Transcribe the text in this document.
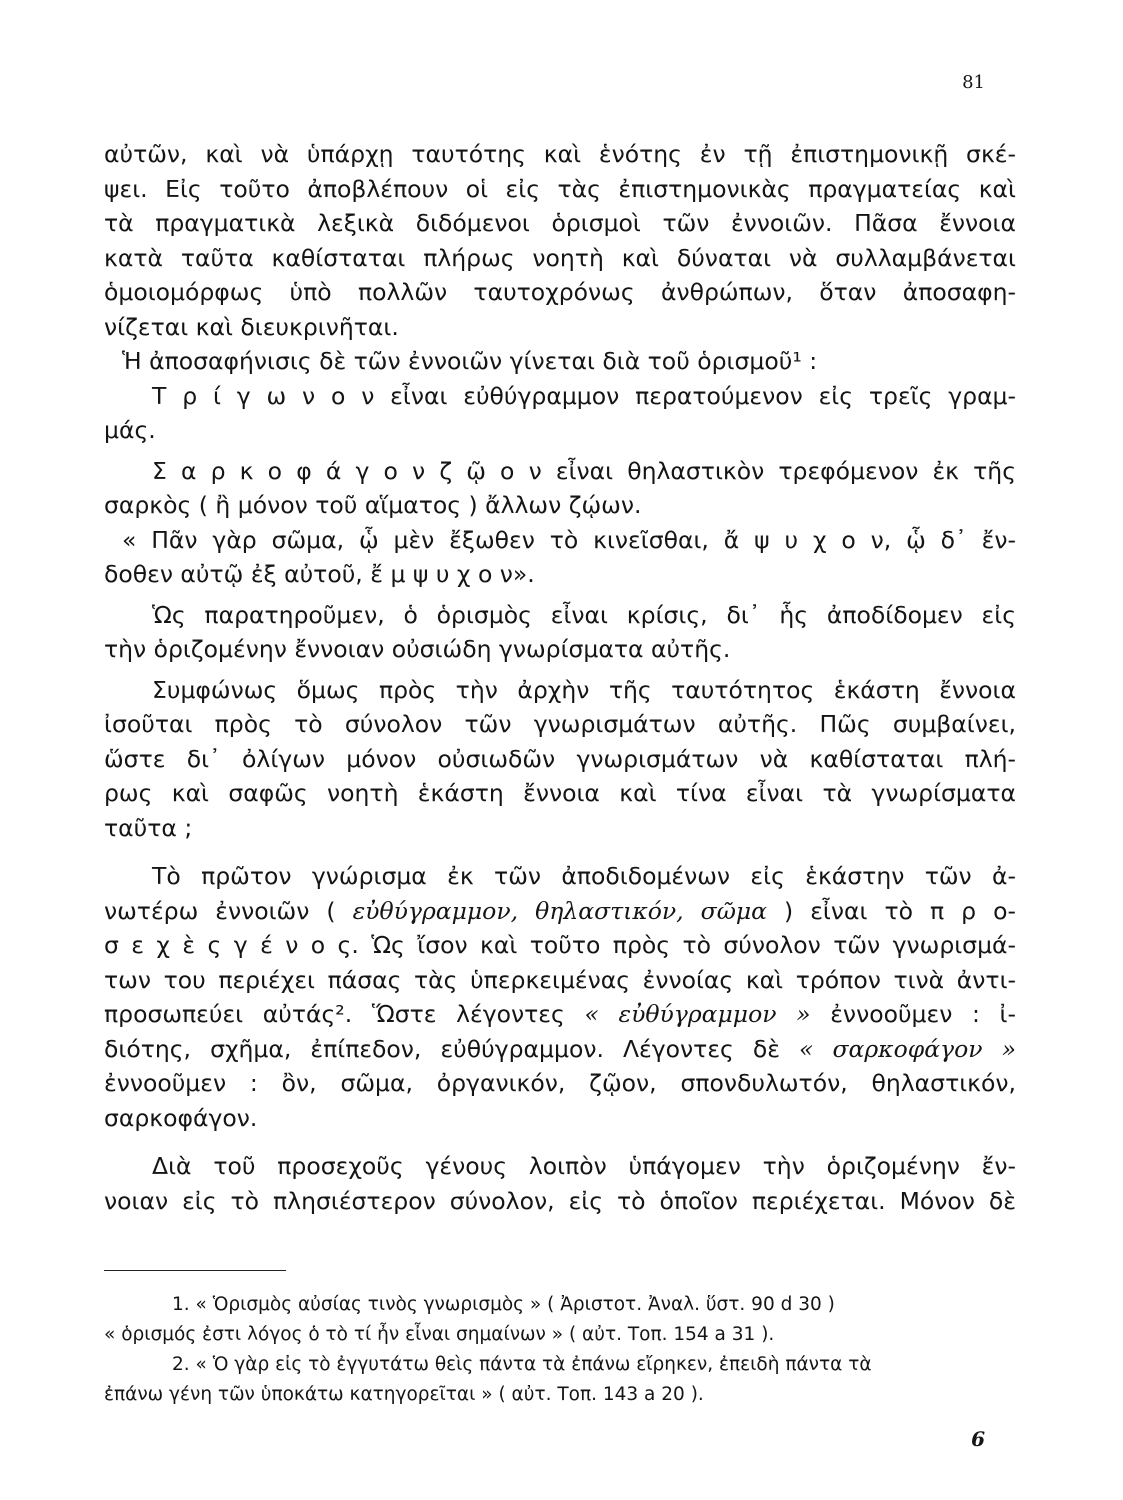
81
αὐτῶν, καὶ νὰ ὑπάρχῃ ταυτότης καὶ ἑνότης ἐν τῇ ἐπιστημονικῇ σκέ-
ψει. Εἰς τοῦτο ἀποβλέπουν οἱ εἰς τὰς ἐπιστημονικὰς πραγματείας καὶ
τὰ πραγματικὰ λεξικὰ διδόμενοι ὁρισμοὶ τῶν ἐννοιῶν. Πᾶσα ἔννοια
κατὰ ταῦτα καθίσταται πλήρως νοητὴ καὶ δύναται νὰ συλλαμβάνεται
ὁμοιομόρφως ὑπὸ πολλῶν ταυτοχρόνως ἀνθρώπων, ὅταν ἀποσαφη-
νίζεται καὶ διευκρινῆται.
Ἡ ἀποσαφήνισις δὲ τῶν ἐννοιῶν γίνεται διὰ τοῦ ὁρισμοῦ¹ :
Τ ρ ί γ ω ν ο ν εἶναι εὐθύγραμμον περατούμενον εἰς τρεῖς γραμ-
μάς.
Σ α ρ κ ο φ ά γ ο ν ζ ῷ ο ν εἶναι θηλαστικὸν τρεφόμενον ἐκ τῆς
σαρκὸς ( ἢ μόνον τοῦ αἵματος ) ἄλλων ζῴων.
« Πᾶν γὰρ σῶμα, ᾧ μὲν ἔξωθεν τὸ κινεῖσθαι, ἄ ψ υ χ ο ν, ᾧ δ᾿ ἔν-
δοθεν αὐτῷ ἐξ αὐτοῦ, ἔ μ ψ υ χ ο ν».
Ὡς παρατηροῦμεν, ὁ ὁρισμὸς εἶναι κρίσις, δι᾿ ἧς ἀποδίδομεν εἰς
τὴν ὁριζομένην ἔννοιαν οὐσιώδη γνωρίσματα αὐτῆς.
Συμφώνως ὅμως πρὸς τὴν ἀρχὴν τῆς ταυτότητος ἑκάστη ἔννοια
ἰσοῦται πρὸς τὸ σύνολον τῶν γνωρισμάτων αὐτῆς. Πῶς συμβαίνει,
ὥστε δι᾿ ὀλίγων μόνον οὐσιωδῶν γνωρισμάτων νὰ καθίσταται πλή-
ρως καὶ σαφῶς νοητὴ ἑκάστη ἔννοια καὶ τίνα εἶναι τὰ γνωρίσματα
ταῦτα ;
Τὸ πρῶτον γνώρισμα ἐκ τῶν ἀποδιδομένων εἰς ἑκάστην τῶν ἀ-
νωτέρω ἐννοιῶν ( εὐθύγραμμον, θηλαστικόν, σῶμα ) εἶναι τὸ π ρ ο-
σ ε χ ὲ ς γ έ ν ο ς. Ὡς ἴσον καὶ τοῦτο πρὸς τὸ σύνολον τῶν γνωρισμά-
των του περιέχει πάσας τὰς ὑπερκειμένας ἐννοίας καὶ τρόπον τινὰ ἀντι-
προσωπεύει αὐτάς². Ὥστε λέγοντες « εὐθύγραμμον » ἐννοοῦμεν : ἰ-
διότης, σχῆμα, ἐπίπεδον, εὐθύγραμμον. Λέγοντες δὲ « σαρκοφάγον »
ἐννοοῦμεν : ὂν, σῶμα, ὀργανικόν, ζῷον, σπονδυλωτόν, θηλαστικόν,
σαρκοφάγον.
Διὰ τοῦ προσεχοῦς γένους λοιπὸν ὑπάγομεν τὴν ὁριζομένην ἔν-
νοιαν εἰς τὸ πλησιέστερον σύνολον, εἰς τὸ ὁποῖον περιέχεται. Μόνον δὲ
1. « Ὁρισμὸς αὐσίας τινὸς γνωρισμὸς » ( Ἀριστοτ. Ἀναλ. ὕστ. 90 d 30 )
« ὁρισμός ἐστι λόγος ὁ τὸ τί ἦν εἶναι σημαίνων » ( αὐτ. Τοπ. 154 a 31 ).
2. « Ὁ γὰρ εἰς τὸ ἐγγυτάτω θεὶς πάντα τὰ ἐπάνω εἴρηκεν, ἐπειδὴ πάντα τὰ
ἐπάνω γένη τῶν ὑποκάτω κατηγορεῖται » ( αὐτ. Τοπ. 143 a 20 ).
6
